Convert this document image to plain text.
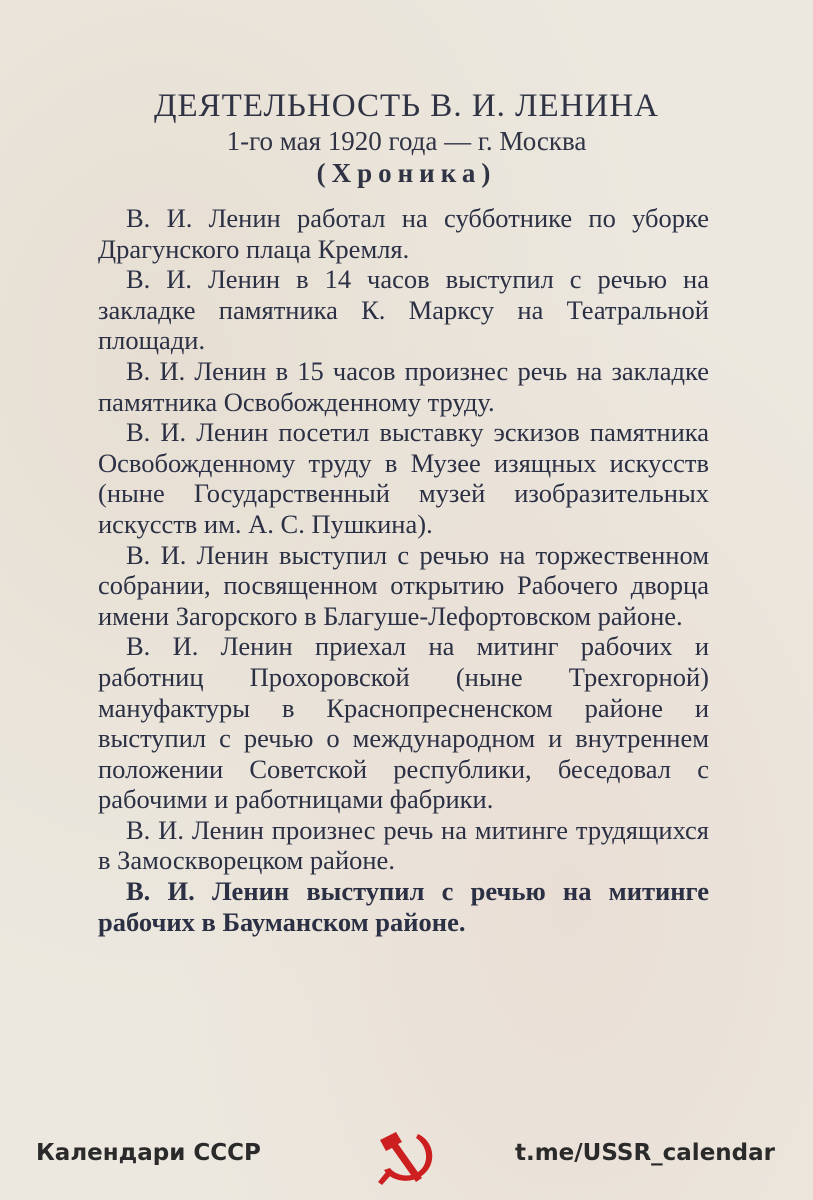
ДЕЯТЕЛЬНОСТЬ В. И. ЛЕНИНА
1-го мая 1920 года — г. Москва
(Хроника)

В. И. Ленин работал на субботнике по уборке Драгунского плаца Кремля.

В. И. Ленин в 14 часов выступил с речью на закладке памятника К. Марксу на Театральной площади.

В. И. Ленин в 15 часов произнес речь на закладке памятника Освобожденному труду.

В. И. Ленин посетил выставку эскизов памятника Освобожденному труду в Музее изящных искусств (ныне Государственный музей изобразительных искусств им. А. С. Пушкина).

В. И. Ленин выступил с речью на торжественном собрании, посвященном открытию Рабочего дворца имени Загорского в Благуше-Лефортовском районе.

В. И. Ленин приехал на митинг рабочих и работниц Прохоровской (ныне Трехгорной) мануфактуры в Краснопресненском районе и выступил с речью о международном и внутреннем положении Советской республики, беседовал с рабочими и работницами фабрики.

В. И. Ленин произнес речь на митинге трудящихся в Замоскворецком районе.

В. И. Ленин выступил с речью на митинге рабочих в Бауманском районе.

Календари СССР	t.me/USSR_calendar
